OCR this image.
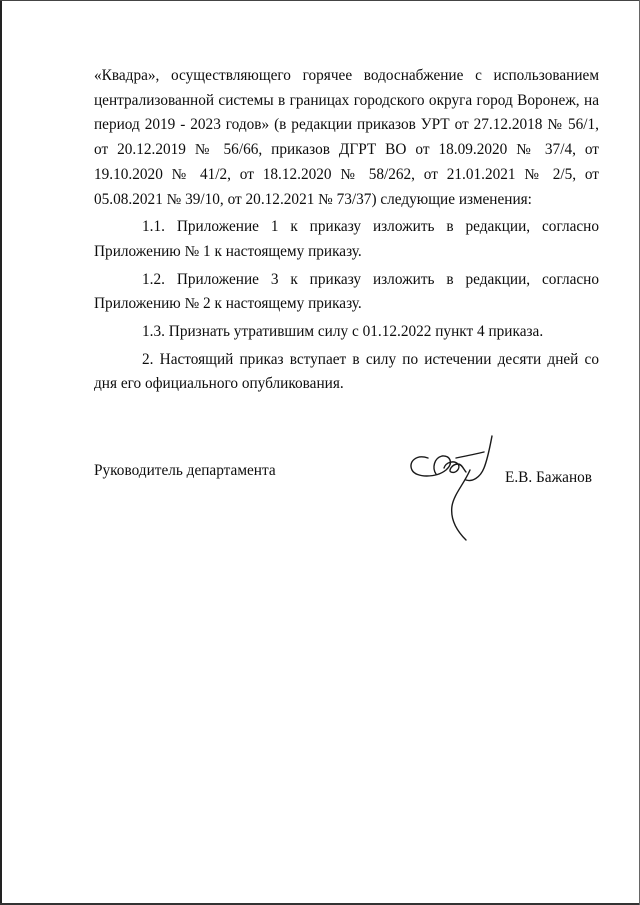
«Квадра», осуществляющего горячее водоснабжение с использованием централизованной системы в границах городского округа город Воронеж, на период 2019 - 2023 годов» (в редакции приказов УРТ от 27.12.2018 № 56/1, от 20.12.2019 № 56/66, приказов ДГРТ ВО от 18.09.2020 № 37/4, от 19.10.2020 № 41/2, от 18.12.2020 № 58/262, от 21.01.2021 № 2/5, от 05.08.2021 № 39/10, от 20.12.2021 № 73/37) следующие изменения:

1.1. Приложение 1 к приказу изложить в редакции, согласно Приложению № 1 к настоящему приказу.

1.2. Приложение 3 к приказу изложить в редакции, согласно Приложению № 2 к настоящему приказу.

1.3. Признать утратившим силу с 01.12.2022 пункт 4 приказа.

2. Настоящий приказ вступает в силу по истечении десяти дней со дня его официального опубликования.

Руководитель департамента	Е.В. Бажанов
